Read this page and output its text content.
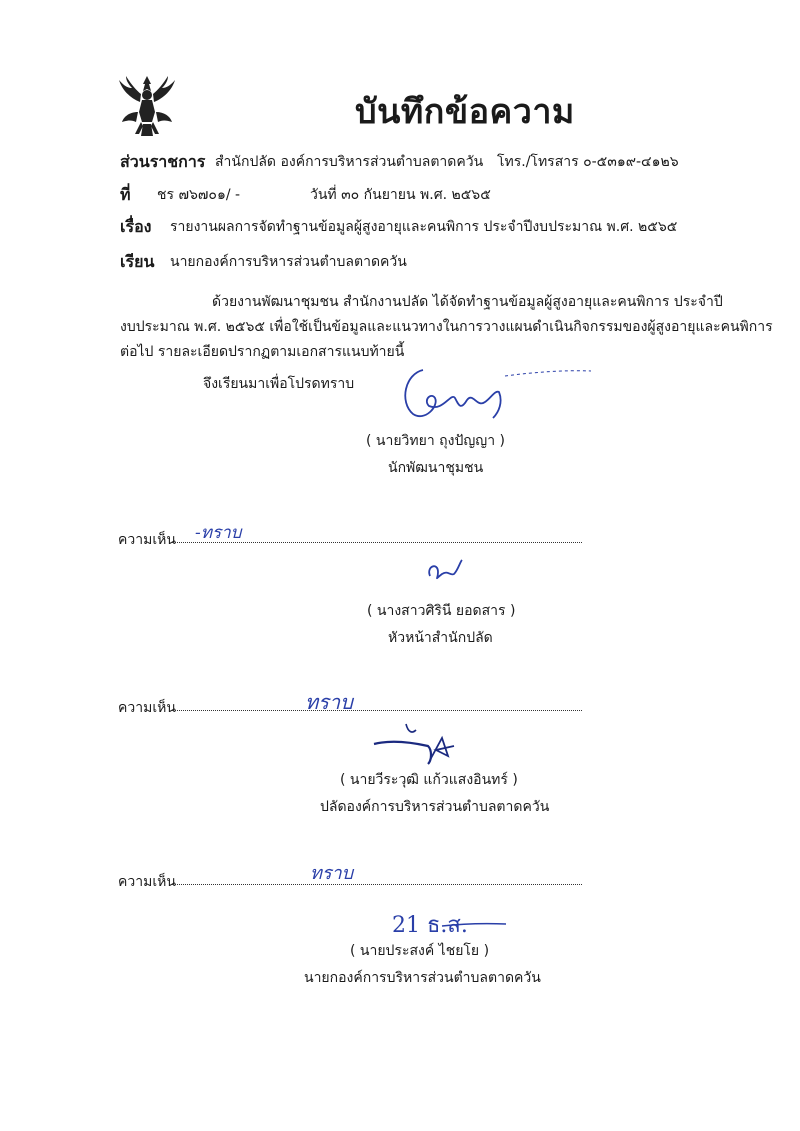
บันทึกข้อความ
ส่วนราชการ สำนักปลัด องค์การบริหารส่วนตำบลตาดควัน โทร./โทรสาร ๐-๕๓๑๙-๔๑๒๖
ที่ ชร ๗๖๗๐๑/ -	วันที่ ๓๐ กันยายน พ.ศ. ๒๕๖๕
เรื่อง รายงานผลการจัดทำฐานข้อมูลผู้สูงอายุและคนพิการ ประจำปีงบประมาณ พ.ศ. ๒๕๖๕
เรียน นายกองค์การบริหารส่วนตำบลตาดควัน
ด้วยงานพัฒนาชุมชน สำนักงานปลัด ได้จัดทำฐานข้อมูลผู้สูงอายุและคนพิการ ประจำปี
งบประมาณ พ.ศ. ๒๕๖๕ เพื่อใช้เป็นข้อมูลและแนวทางในการวางแผนดำเนินกิจกรรมของผู้สูงอายุและคนพิการ
ต่อไป รายละเอียดปรากฏตามเอกสารแนบท้ายนี้
จึงเรียนมาเพื่อโปรดทราบ
( นายวิทยา ถุงปัญญา )
นักพัฒนาชุมชน
ความเห็น -ทราบ
( นางสาวศิรินี ยอดสาร )
หัวหน้าสำนักปลัด
ความเห็น	ทราบ
( นายวีระวุฒิ แก้วแสงอินทร์ )
ปลัดองค์การบริหารส่วนตำบลตาดควัน
ความเห็น	ทราบ
21 ธ.ส.
( นายประสงค์ ไชยโย )
นายกองค์การบริหารส่วนตำบลตาดควัน
